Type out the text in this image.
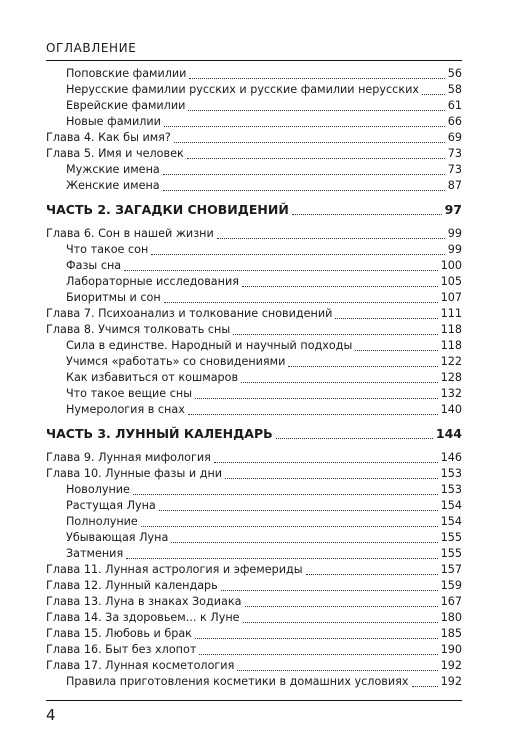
ОГЛАВЛЕНИЕ
Поповские фамилии	56
Нерусские фамилии русских и русские фамилии нерусских	58
Еврейские фамилии	61
Новые фамилии	66
Глава 4. Как бы имя?	69
Глава 5. Имя и человек	73
Мужские имена	73
Женские имена	87
ЧАСТЬ 2. ЗАГАДКИ СНОВИДЕНИЙ	97
Глава 6. Сон в нашей жизни	99
Что такое сон	99
Фазы сна	100
Лабораторные исследования	105
Биоритмы и сон	107
Глава 7. Психоанализ и толкование сновидений	111
Глава 8. Учимся толковать сны	118
Сила в единстве. Народный и научный подходы	118
Учимся «работать» со сновидениями	122
Как избавиться от кошмаров	128
Что такое вещие сны	132
Нумерология в снах	140
ЧАСТЬ 3. ЛУННЫЙ КАЛЕНДАРЬ	144
Глава 9. Лунная мифология	146
Глава 10. Лунные фазы и дни	153
Новолуние	153
Растущая Луна	154
Полнолуние	154
Убывающая Луна	155
Затмения	155
Глава 11. Лунная астрология и эфемериды	157
Глава 12. Лунный календарь	159
Глава 13. Луна в знаках Зодиака	167
Глава 14. За здоровьем... к Луне	180
Глава 15. Любовь и брак	185
Глава 16. Быт без хлопот	190
Глава 17. Лунная косметология	192
Правила приготовления косметики в домашних условиях	192
4
